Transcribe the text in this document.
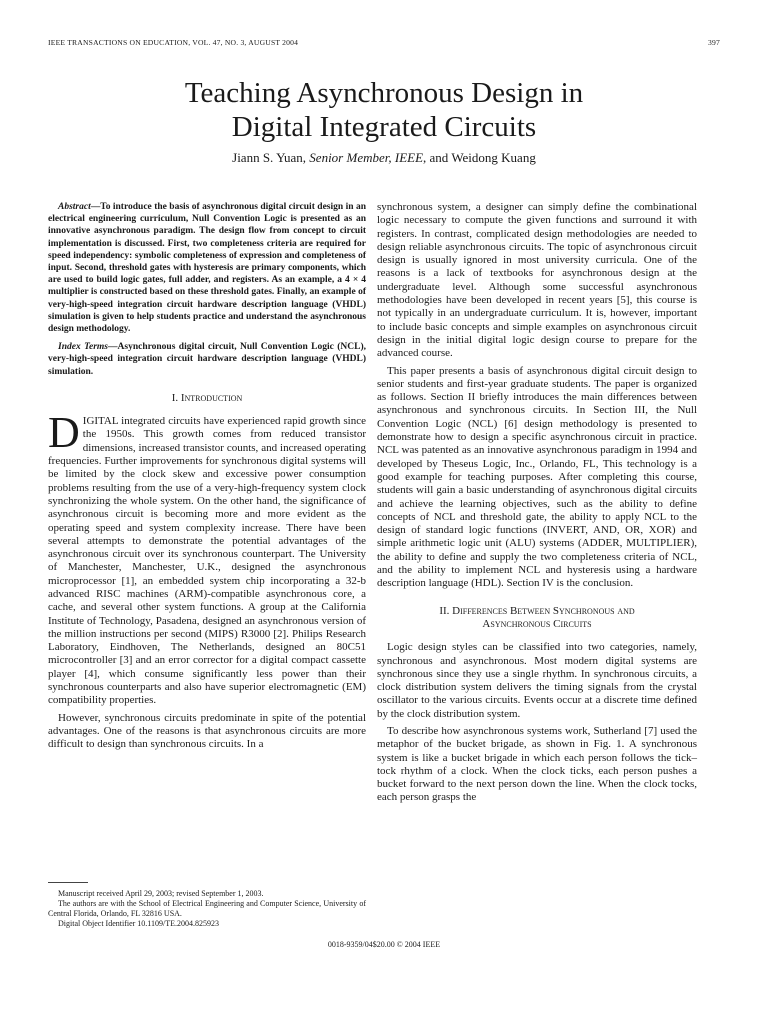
IEEE TRANSACTIONS ON EDUCATION, VOL. 47, NO. 3, AUGUST 2004	397
Teaching Asynchronous Design in
Digital Integrated Circuits
Jiann S. Yuan, Senior Member, IEEE, and Weidong Kuang

Abstract—To introduce the basis of asynchronous digital circuit design in an electrical engineering curriculum, Null Convention Logic is presented as an innovative asynchronous paradigm. The design flow from concept to circuit implementation is discussed. First, two completeness criteria are required for speed independency: symbolic completeness of expression and completeness of input. Second, threshold gates with hysteresis are primary components, which are used to build logic gates, full adder, and registers. As an example, a 4 × 4 multiplier is constructed based on these threshold gates. Finally, an example of very-high-speed integration circuit hardware description language (VHDL) simulation is given to help students practice and understand the asynchronous design methodology.

Index Terms—Asynchronous digital circuit, Null Convention Logic (NCL), very-high-speed integration circuit hardware description language (VHDL) simulation.

I. Introduction

DIGITAL integrated circuits have experienced rapid growth since the 1950s. This growth comes from reduced transistor dimensions, increased transistor counts, and increased operating frequencies. Further improvements for synchronous digital systems will be limited by the clock skew and excessive power consumption problems resulting from the use of a very-high-frequency system clock synchronizing the whole system. On the other hand, the significance of asynchronous circuit is becoming more and more evident as the operating speed and system complexity increase. There have been several attempts to demonstrate the potential advantages of the asynchronous circuit over its synchronous counterpart. The University of Manchester, Manchester, U.K., designed the asynchronous microprocessor [1], an embedded system chip incorporating a 32-b advanced RISC machines (ARM)-compatible asynchronous core, a cache, and several other system functions. A group at the California Institute of Technology, Pasadena, designed an asynchronous version of the million instructions per second (MIPS) R3000 [2]. Philips Research Laboratory, Eindhoven, The Netherlands, designed an 80C51 microcontroller [3] and an error corrector for a digital compact cassette player [4], which consume significantly less power than their synchronous counterparts and also have superior electromagnetic (EM) compatibility properties.

However, synchronous circuits predominate in spite of the potential advantages. One of the reasons is that asynchronous circuits are more difficult to design than synchronous circuits. In a

synchronous system, a designer can simply define the combinational logic necessary to compute the given functions and surround it with registers. In contrast, complicated design methodologies are needed to design reliable asynchronous circuits. The topic of asynchronous circuit design is usually ignored in most university curricula. One of the reasons is a lack of textbooks for asynchronous design at the undergraduate level. Although some successful asynchronous methodologies have been developed in recent years [5], this course is not typically in an undergraduate curriculum. It is, however, important to include basic concepts and simple examples on asynchronous circuit design in the initial digital logic design course to prepare for the advanced course.

This paper presents a basis of asynchronous digital circuit design to senior students and first-year graduate students. The paper is organized as follows. Section II briefly introduces the main differences between asynchronous and synchronous circuits. In Section III, the Null Convention Logic (NCL) [6] design methodology is presented to demonstrate how to design a specific asynchronous circuit in practice. NCL was patented as an innovative asynchronous paradigm in 1994 and developed by Theseus Logic, Inc., Orlando, FL, This technology is a good example for teaching purposes. After completing this course, students will gain a basic understanding of asynchronous digital circuits and achieve the learning objectives, such as the ability to define concepts of NCL and threshold gate, the ability to apply NCL to the design of standard logic functions (INVERT, AND, OR, XOR) and simple arithmetic logic unit (ALU) systems (ADDER, MULTIPLIER), the ability to define and supply the two completeness criteria of NCL, and the ability to implement NCL and hysteresis using a hardware description language (HDL). Section IV is the conclusion.

II. Differences Between Synchronous and
Asynchronous Circuits

Logic design styles can be classified into two categories, namely, synchronous and asynchronous. Most modern digital systems are synchronous since they use a single rhythm. In synchronous circuits, a clock distribution system delivers the timing signals from the crystal oscillator to the various circuits. Events occur at a discrete time defined by the clock distribution system.

To describe how asynchronous systems work, Sutherland [7] used the metaphor of the bucket brigade, as shown in Fig. 1. A synchronous system is like a bucket brigade in which each person follows the tick–tock rhythm of a clock. When the clock ticks, each person pushes a bucket forward to the next person down the line. When the clock tocks, each person grasps the

Manuscript received April 29, 2003; revised September 1, 2003.

The authors are with the School of Electrical Engineering and Computer Science, University of Central Florida, Orlando, FL 32816 USA.

Digital Object Identifier 10.1109/TE.2004.825923

0018-9359/04$20.00 © 2004 IEEE
